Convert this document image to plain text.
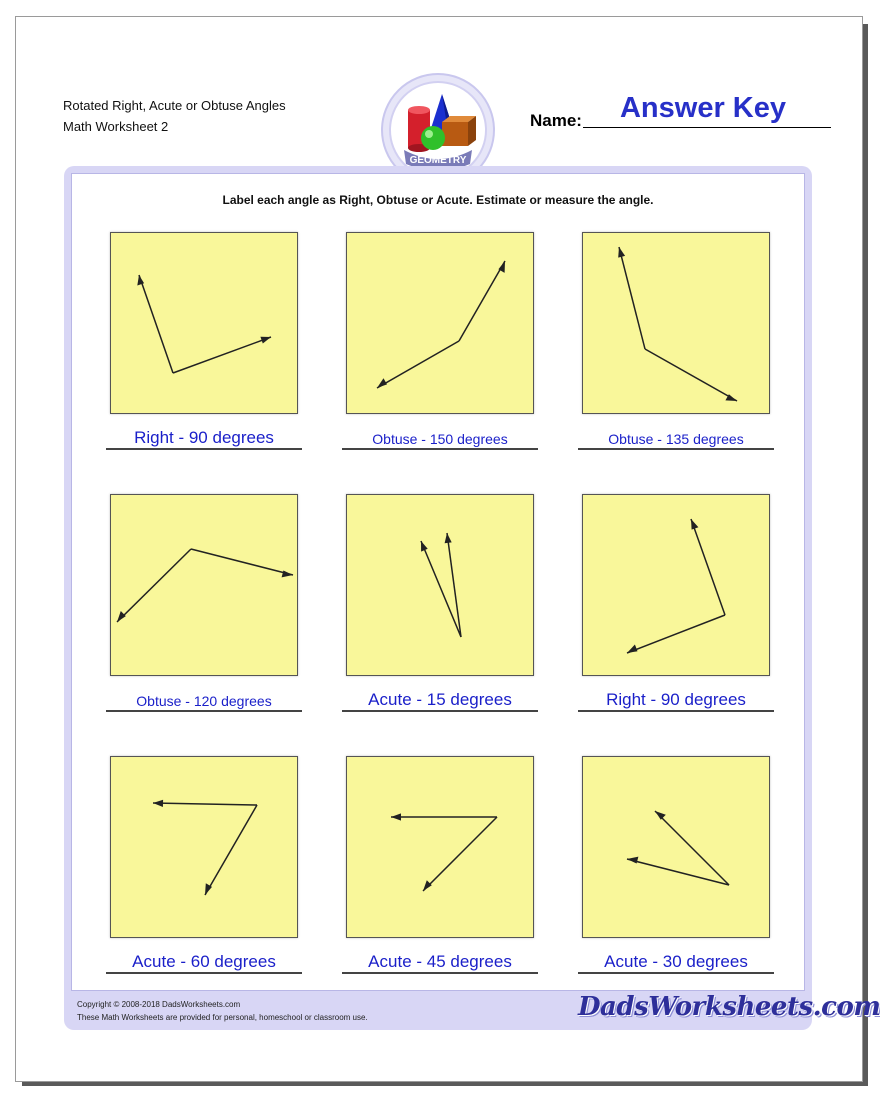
Rotated Right, Acute or Obtuse Angles
Math Worksheet 2
GEOMETRY
Name:	Answer Key
Label each angle as Right, Obtuse or Acute. Estimate or measure the angle.
Right - 90 degrees	Obtuse - 150 degrees	Obtuse - 135 degrees
Obtuse - 120 degrees	Acute - 15 degrees	Right - 90 degrees
Acute - 60 degrees	Acute - 45 degrees	Acute - 30 degrees
Copyright © 2008-2018 DadsWorksheets.com
These Math Worksheets are provided for personal, homeschool or classroom use.	DadsWorksheets.com
